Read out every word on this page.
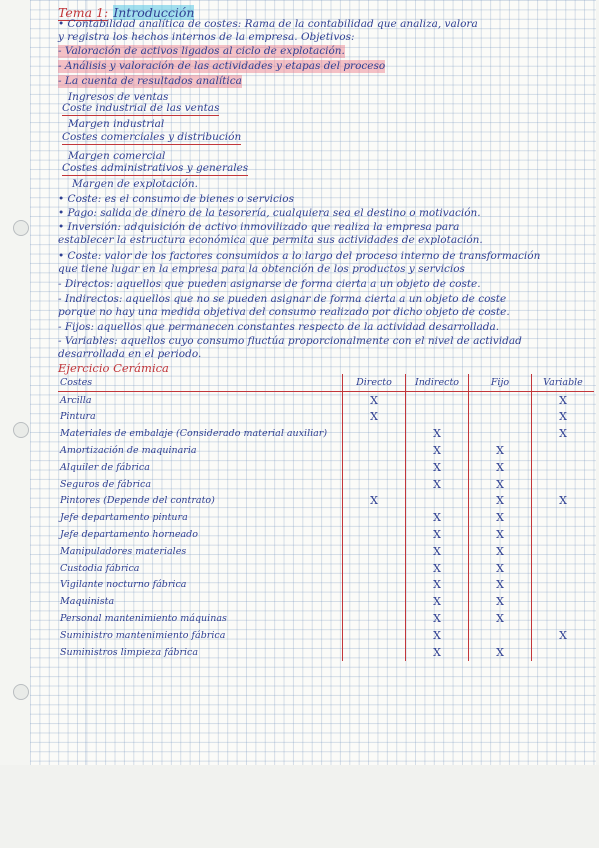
Tema 1: Introducción
• Contabilidad analítica de costes: Rama de la contabilidad que analiza, valora
y registra los hechos internos de la empresa. Objetivos:
- Valoración de activos ligados al ciclo de explotación.
- Análisis y valoración de las actividades y etapas del proceso
- La cuenta de resultados analítica
Ingresos de ventas
Coste industrial de las ventas
Margen industrial
Costes comerciales y distribución
Margen comercial
Costes administrativos y generales
Margen de explotación.
• Coste: es el consumo de bienes o servicios
• Pago: salida de dinero de la tesorería, cualquiera sea el destino o motivación.
• Inversión: adquisición de activo inmovilizado que realiza la empresa para
establecer la estructura económica que permita sus actividades de explotación.
• Coste: valor de los factores consumidos a lo largo del proceso interno de transformación
que tiene lugar en la empresa para la obtención de los productos y servicios
- Directos: aquellos que pueden asignarse de forma cierta a un objeto de coste.
- Indirectos: aquellos que no se pueden asignar de forma cierta a un objeto de coste
porque no hay una medida objetiva del consumo realizado por dicho objeto de coste.
- Fijos: aquellos que permanecen constantes respecto de la actividad desarrollada.
- Variables: aquellos cuyo consumo fluctúa proporcionalmente con el nivel de actividad
desarrollada en el periodo.
Ejercicio Cerámica
Costes	Directo	Indirecto	Fijo	Variable
Arcilla	X			X
Pintura	X			X
Materiales de embalaje (Considerado material auxiliar)		X		X
Amortización de maquinaria		X	X	
Alquiler de fábrica		X	X	
Seguros de fábrica		X	X	
Pintores (Depende del contrato)	X		X	X
Jefe departamento pintura		X	X	
Jefe departamento horneado		X	X	
Manipuladores materiales		X	X	
Custodia fábrica		X	X	
Vigilante nocturno fábrica		X	X	
Maquinista		X	X	
Personal mantenimiento máquinas		X	X	
Suministro mantenimiento fábrica		X		X
Suministros limpieza fábrica		X	X	
